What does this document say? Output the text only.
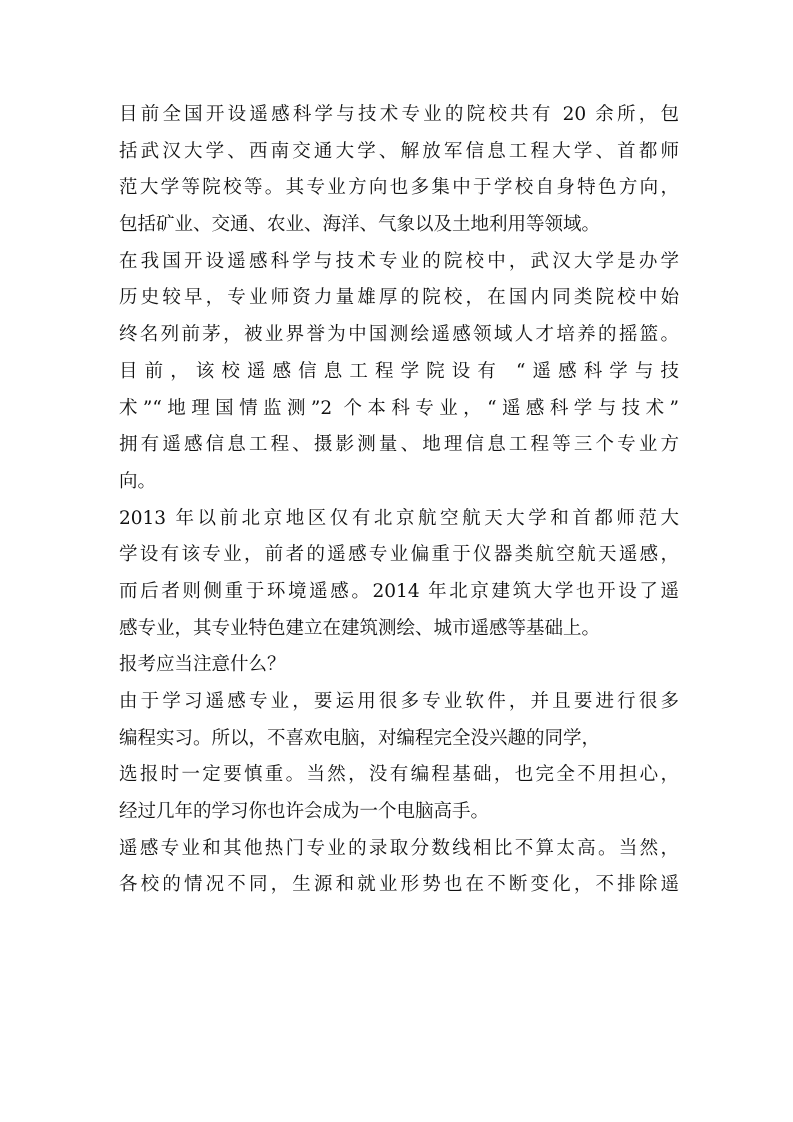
目前全国开设遥感科学与技术专业的院校共有 20 余所，包
括武汉大学、西南交通大学、解放军信息工程大学、首都师
范大学等院校等。其专业方向也多集中于学校自身特色方向，
包括矿业、交通、农业、海洋、气象以及土地利用等领域。
在我国开设遥感科学与技术专业的院校中，武汉大学是办学
历史较早，专业师资力量雄厚的院校，在国内同类院校中始
终名列前茅，被业界誉为中国测绘遥感领域人才培养的摇篮。
目前，该校遥感信息工程学院设有 “遥感科学与技
术”“地理国情监测”2 个本科专业，“遥感科学与技术”
拥有遥感信息工程、摄影测量、地理信息工程等三个专业方
向。
2013 年以前北京地区仅有北京航空航天大学和首都师范大
学设有该专业，前者的遥感专业偏重于仪器类航空航天遥感，
而后者则侧重于环境遥感。2014 年北京建筑大学也开设了遥
感专业，其专业特色建立在建筑测绘、城市遥感等基础上。
报考应当注意什么？
由于学习遥感专业，要运用很多专业软件，并且要进行很多
编程实习。所以，不喜欢电脑，对编程完全没兴趣的同学，
选报时一定要慎重。当然，没有编程基础，也完全不用担心，
经过几年的学习你也许会成为一个电脑高手。
遥感专业和其他热门专业的录取分数线相比不算太高。当然，
各校的情况不同，生源和就业形势也在不断变化，不排除遥
